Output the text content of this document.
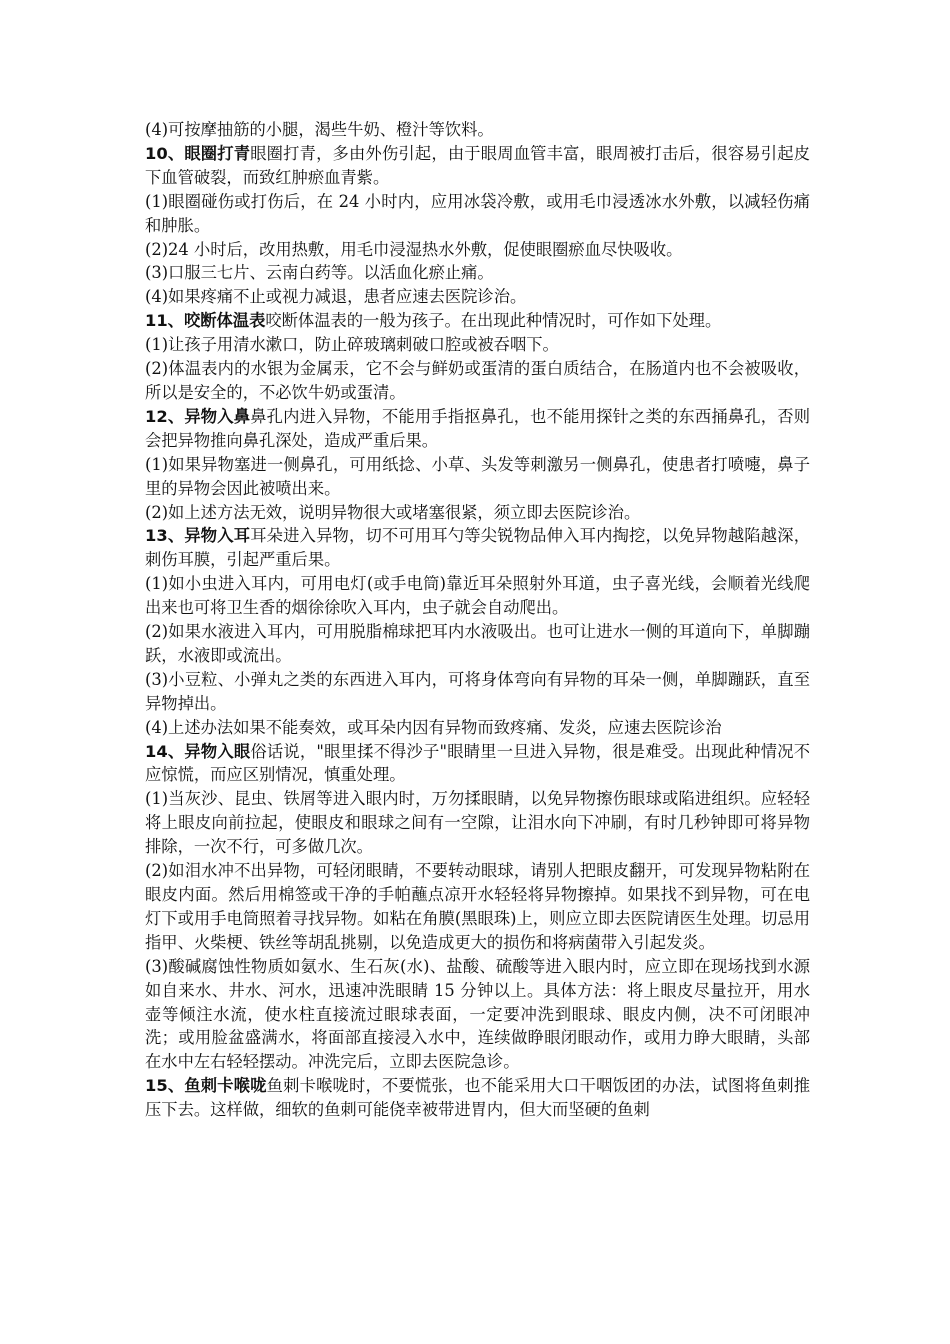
(4)可按摩抽筋的小腿，渴些牛奶、橙汁等饮料。

10、眼圈打青眼圈打青，多由外伤引起，由于眼周血管丰富，眼周被打击后，很容易引起皮下血管破裂，而致红肿瘀血青紫。

(1)眼圈碰伤或打伤后，在 24 小时内，应用冰袋冷敷，或用毛巾浸透冰水外敷，以减轻伤痛和肿胀。

(2)24 小时后，改用热敷，用毛巾浸湿热水外敷，促使眼圈瘀血尽快吸收。

(3)口服三七片、云南白药等。以活血化瘀止痛。

(4)如果疼痛不止或视力减退，患者应速去医院诊治。

11、咬断体温表咬断体温表的一般为孩子。在出现此种情况时，可作如下处理。

(1)让孩子用清水漱口，防止碎玻璃刺破口腔或被吞咽下。

(2)体温表内的水银为金属汞，它不会与鲜奶或蛋清的蛋白质结合，在肠道内也不会被吸收，所以是安全的，不必饮牛奶或蛋清。

12、异物入鼻鼻孔内进入异物，不能用手指抠鼻孔，也不能用探针之类的东西捅鼻孔，否则会把异物推向鼻孔深处，造成严重后果。

(1)如果异物塞进一侧鼻孔，可用纸捻、小草、头发等刺激另一侧鼻孔，使患者打喷嚏，鼻子里的异物会因此被喷出来。

(2)如上述方法无效，说明异物很大或堵塞很紧，须立即去医院诊治。

13、异物入耳耳朵进入异物，切不可用耳勺等尖锐物品伸入耳内掏挖，以免异物越陷越深，刺伤耳膜，引起严重后果。

(1)如小虫进入耳内，可用电灯(或手电筒)靠近耳朵照射外耳道，虫子喜光线，会顺着光线爬出来也可将卫生香的烟徐徐吹入耳内，虫子就会自动爬出。

(2)如果水液进入耳内，可用脱脂棉球把耳内水液吸出。也可让进水一侧的耳道向下，单脚蹦跃，水液即或流出。

(3)小豆粒、小弹丸之类的东西进入耳内，可将身体弯向有异物的耳朵一侧，单脚蹦跃，直至异物掉出。

(4)上述办法如果不能奏效，或耳朵内因有异物而致疼痛、发炎，应速去医院诊治

14、异物入眼俗话说，"眼里揉不得沙子"眼睛里一旦进入异物，很是难受。出现此种情况不应惊慌，而应区别情况，慎重处理。

(1)当灰沙、昆虫、铁屑等进入眼内时，万勿揉眼睛，以免异物擦伤眼球或陷进组织。应轻轻将上眼皮向前拉起，使眼皮和眼球之间有一空隙，让泪水向下冲刷，有时几秒钟即可将异物排除，一次不行，可多做几次。

(2)如泪水冲不出异物，可轻闭眼睛，不要转动眼球，请别人把眼皮翻开，可发现异物粘附在眼皮内面。然后用棉签或干净的手帕蘸点凉开水轻轻将异物擦掉。如果找不到异物，可在电灯下或用手电筒照着寻找异物。如粘在角膜(黑眼珠)上，则应立即去医院请医生处理。切忌用指甲、火柴梗、铁丝等胡乱挑剔，以免造成更大的损伤和将病菌带入引起发炎。

(3)酸碱腐蚀性物质如氨水、生石灰(水)、盐酸、硫酸等进入眼内时，应立即在现场找到水源如自来水、井水、河水，迅速冲洗眼睛 15 分钟以上。具体方法：将上眼皮尽量拉开，用水壶等倾注水流，使水柱直接流过眼球表面，一定要冲洗到眼球、眼皮内侧，决不可闭眼冲洗；或用脸盆盛满水，将面部直接浸入水中，连续做睁眼闭眼动作，或用力睁大眼睛，头部在水中左右轻轻摆动。冲洗完后，立即去医院急诊。

15、鱼刺卡喉咙鱼刺卡喉咙时，不要慌张，也不能采用大口干咽饭团的办法，试图将鱼刺推压下去。这样做，细软的鱼刺可能侥幸被带进胃内，但大而坚硬的鱼刺
